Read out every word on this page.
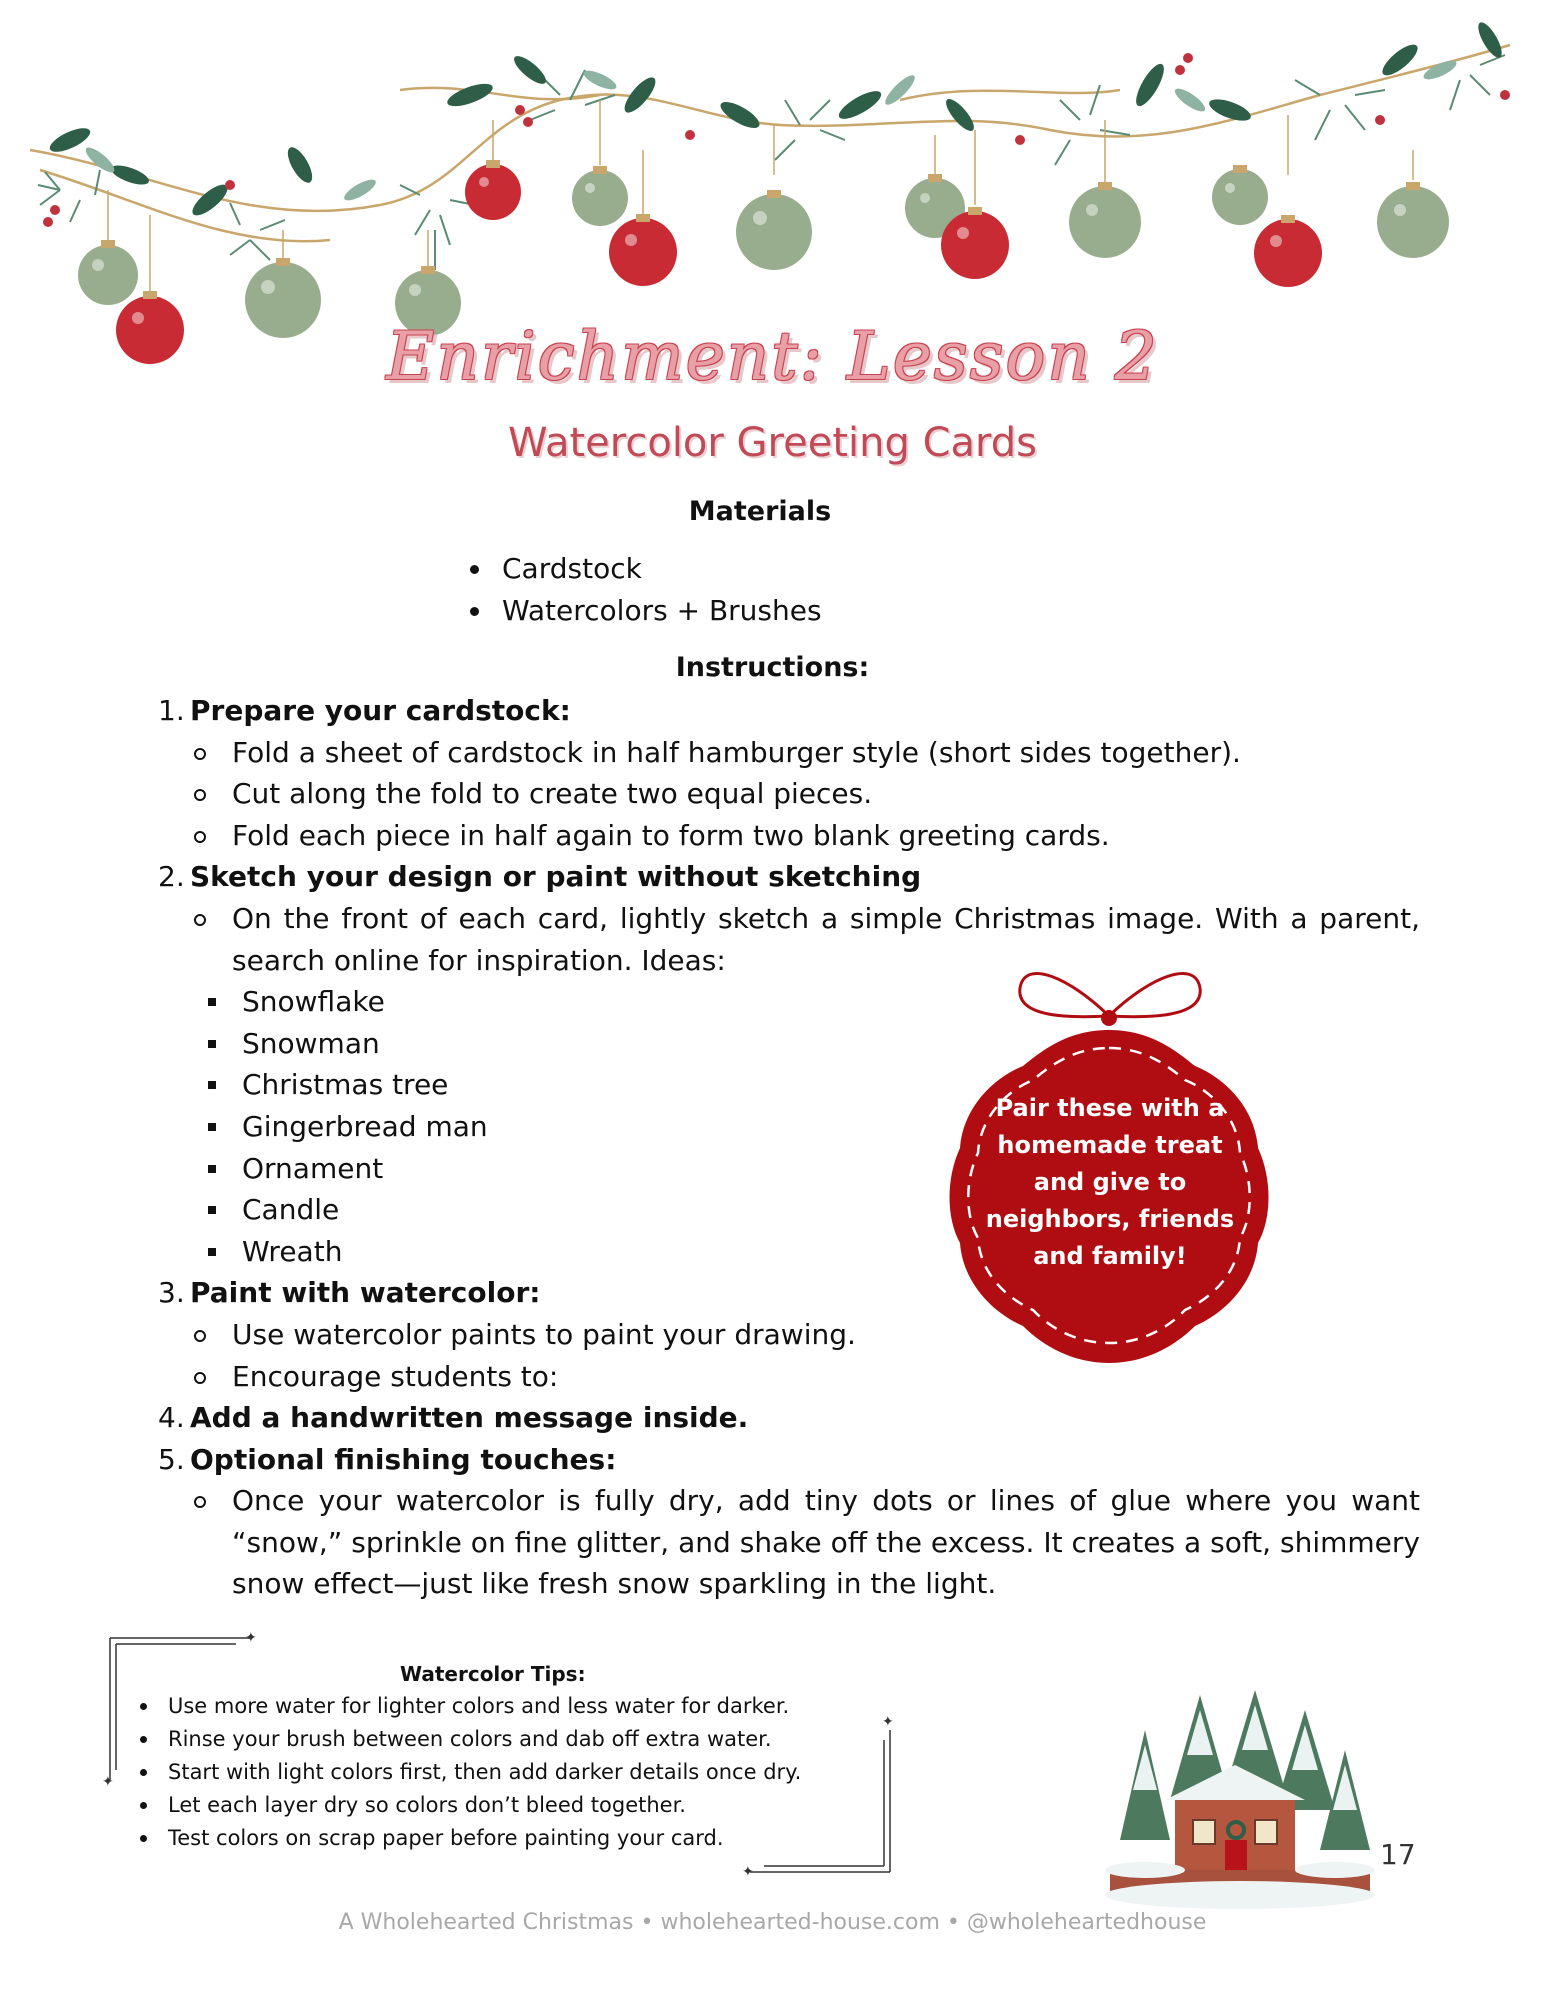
Enrichment: Lesson 2
Watercolor Greeting Cards
Materials
Cardstock
Watercolors + Brushes
Instructions:
1. Prepare your cardstock:
Fold a sheet of cardstock in half hamburger style (short sides together).
Cut along the fold to create two equal pieces.
Fold each piece in half again to form two blank greeting cards.
2. Sketch your design or paint without sketching
On the front of each card, lightly sketch a simple Christmas image. With a parent, search online for inspiration. Ideas:
Snowflake
Snowman
Christmas tree
Gingerbread man
Ornament
Candle
Wreath
3. Paint with watercolor:
Use watercolor paints to paint your drawing.
Encourage students to:
4. Add a handwritten message inside.
5. Optional finishing touches:
Once your watercolor is fully dry, add tiny dots or lines of glue where you want “snow,” sprinkle on fine glitter, and shake off the excess. It creates a soft, shimmery snow effect—just like fresh snow sparkling in the light.
Pair these with a homemade treat and give to neighbors, friends and family!
✦
✦
✦
✦
Watercolor Tips:
Use more water for lighter colors and less water for darker.
Rinse your brush between colors and dab off extra water.
Start with light colors first, then add darker details once dry.
Let each layer dry so colors don’t bleed together.
Test colors on scrap paper before painting your card.	17
A Wholehearted Christmas • wholehearted-house.com • @wholeheartedhouse
